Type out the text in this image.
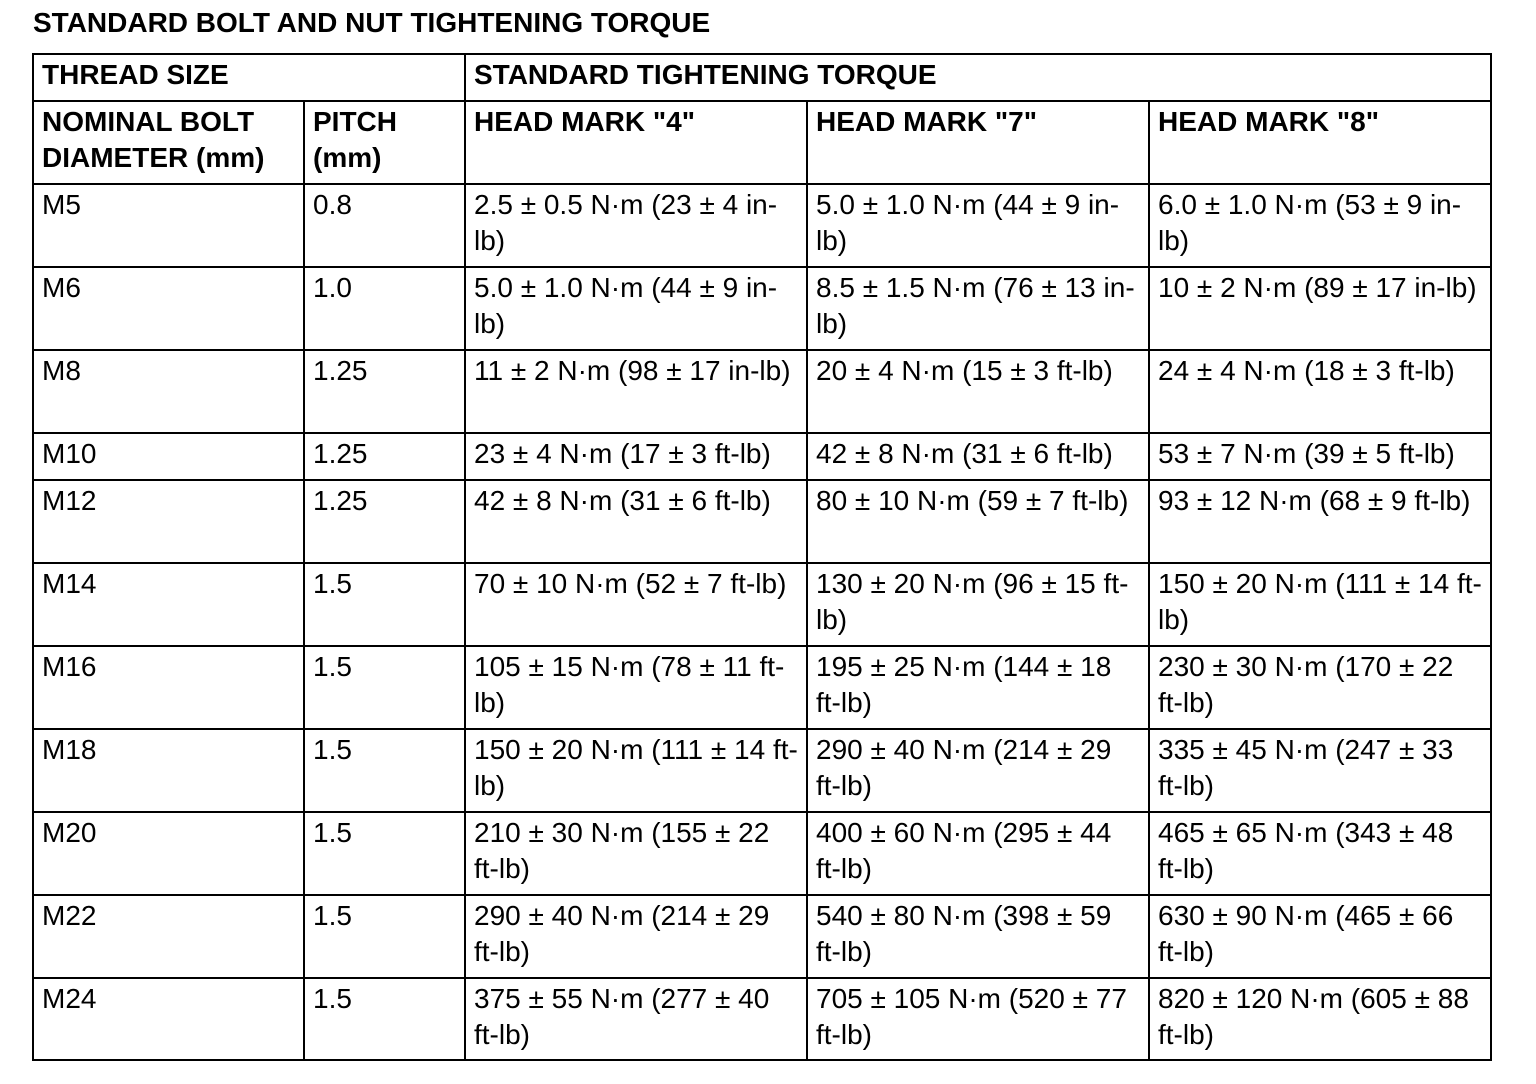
STANDARD BOLT AND NUT TIGHTENING TORQUE
THREAD SIZE		STANDARD TIGHTENING TORQUE		
NOMINAL BOLT DIAMETER (mm)	PITCH (mm)	HEAD MARK "4"	HEAD MARK "7"	HEAD MARK "8"
M5	0.8	2.5 ± 0.5 N·m (23 ± 4 in-lb)	5.0 ± 1.0 N·m (44 ± 9 in-lb)	6.0 ± 1.0 N·m (53 ± 9 in-lb)
M6	1.0	5.0 ± 1.0 N·m (44 ± 9 in-lb)	8.5 ± 1.5 N·m (76 ± 13 in-lb)	10 ± 2 N·m (89 ± 17 in-lb)
M8	1.25	11 ± 2 N·m (98 ± 17 in-lb)	20 ± 4 N·m (15 ± 3 ft-lb)	24 ± 4 N·m (18 ± 3 ft-lb)
M10	1.25	23 ± 4 N·m (17 ± 3 ft-lb)	42 ± 8 N·m (31 ± 6 ft-lb)	53 ± 7 N·m (39 ± 5 ft-lb)
M12	1.25	42 ± 8 N·m (31 ± 6 ft-lb)	80 ± 10 N·m (59 ± 7 ft-lb)	93 ± 12 N·m (68 ± 9 ft-lb)
M14	1.5	70 ± 10 N·m (52 ± 7 ft-lb)	130 ± 20 N·m (96 ± 15 ft-lb)	150 ± 20 N·m (111 ± 14 ft-lb)
M16	1.5	105 ± 15 N·m (78 ± 11 ft-lb)	195 ± 25 N·m (144 ± 18 ft-lb)	230 ± 30 N·m (170 ± 22 ft-lb)
M18	1.5	150 ± 20 N·m (111 ± 14 ft-lb)	290 ± 40 N·m (214 ± 29 ft-lb)	335 ± 45 N·m (247 ± 33 ft-lb)
M20	1.5	210 ± 30 N·m (155 ± 22 ft-lb)	400 ± 60 N·m (295 ± 44 ft-lb)	465 ± 65 N·m (343 ± 48 ft-lb)
M22	1.5	290 ± 40 N·m (214 ± 29 ft-lb)	540 ± 80 N·m (398 ± 59 ft-lb)	630 ± 90 N·m (465 ± 66 ft-lb)
M24	1.5	375 ± 55 N·m (277 ± 40 ft-lb)	705 ± 105 N·m (520 ± 77 ft-lb)	820 ± 120 N·m (605 ± 88 ft-lb)
